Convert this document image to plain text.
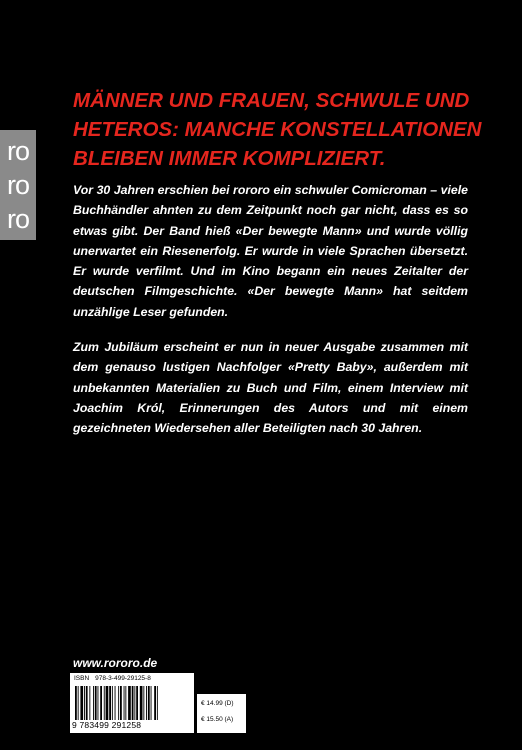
ro
ro
ro
MÄNNER UND FRAUEN, SCHWULE UND HETEROS: MANCHE KONSTELLATIONEN BLEIBEN IMMER KOMPLIZIERT.

Vor 30 Jahren erschien bei rororo ein schwuler Comicroman – viele Buchhändler ahnten zu dem Zeitpunkt noch gar nicht, dass es so etwas gibt. Der Band hieß «Der bewegte Mann» und wurde völlig unerwartet ein Riesenerfolg. Er wurde in viele Sprachen übersetzt. Er wurde verfilmt. Und im Kino begann ein neues Zeitalter der deutschen Filmgeschichte. «Der bewegte Mann» hat seitdem unzählige Leser gefunden.

Zum Jubiläum erscheint er nun in neuer Ausgabe zusammen mit dem genauso lustigen Nachfolger «Pretty Baby», außerdem mit unbekannten Materialien zu Buch und Film, einem Interview mit Joachim Król, Erinnerungen des Autors und mit einem gezeichneten Wiedersehen aller Beteiligten nach 30 Jahren.

www.rororo.de
ISBN 978-3-499-29125-8
9 783499 291258
€ 14.99 (D)
€ 15.50 (A)
